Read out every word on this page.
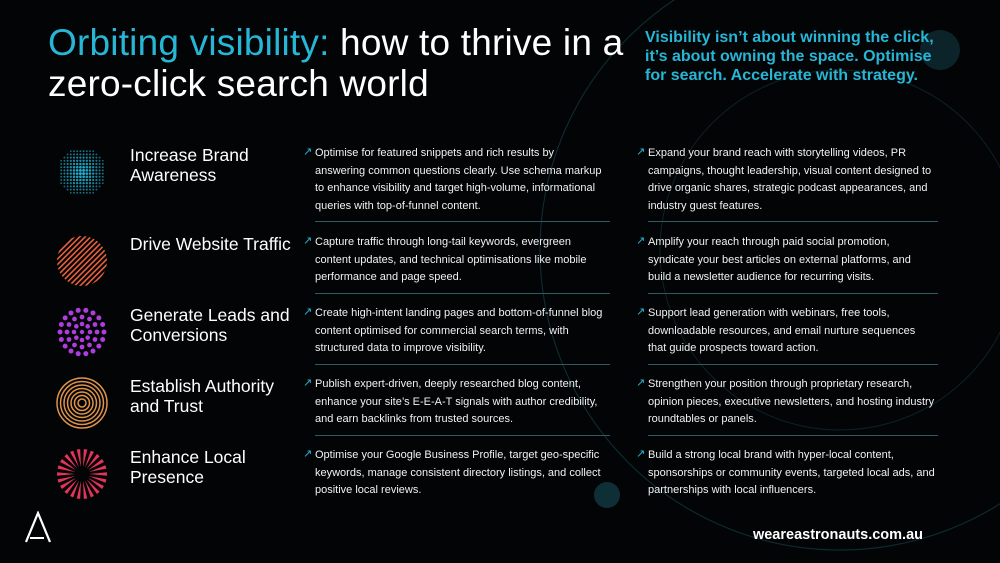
Orbiting visibility: how to thrive in a zero-click search world

Visibility isn’t about winning the click, it’s about owning the space. Optimise for search. Accelerate with strategy.

Increase Brand Awareness
↗ Optimise for featured snippets and rich results by answering common questions clearly. Use schema markup to enhance visibility and target high-volume, informational queries with top-of-funnel content.
↗ Expand your brand reach with storytelling videos, PR campaigns, thought leadership, visual content designed to drive organic shares, strategic podcast appearances, and industry guest features.
Drive Website Traffic	↗ Capture traffic through long-tail keywords, evergreen content updates, and technical optimisations like mobile performance and page speed.
↗ Amplify your reach through paid social promotion, syndicate your best articles on external platforms, and build a newsletter audience for recurring visits.
Generate Leads and Conversions
↗ Create high-intent landing pages and bottom-of-funnel blog content optimised for commercial search terms, with structured data to improve visibility.
↗ Support lead generation with webinars, free tools, downloadable resources, and email nurture sequences that guide prospects toward action.
Establish Authority and Trust
↗ Publish expert-driven, deeply researched blog content, enhance your site’s E-E-A-T signals with author credibility, and earn backlinks from trusted sources.
↗ Strengthen your position through proprietary research, opinion pieces, executive newsletters, and hosting industry roundtables or panels.
Enhance Local Presence
↗ Optimise your Google Business Profile, target geo-specific keywords, manage consistent directory listings, and collect positive local reviews.
↗ Build a strong local brand with hyper-local content, sponsorships or community events, targeted local ads, and partnerships with local influencers.
weareastronauts.com.au
